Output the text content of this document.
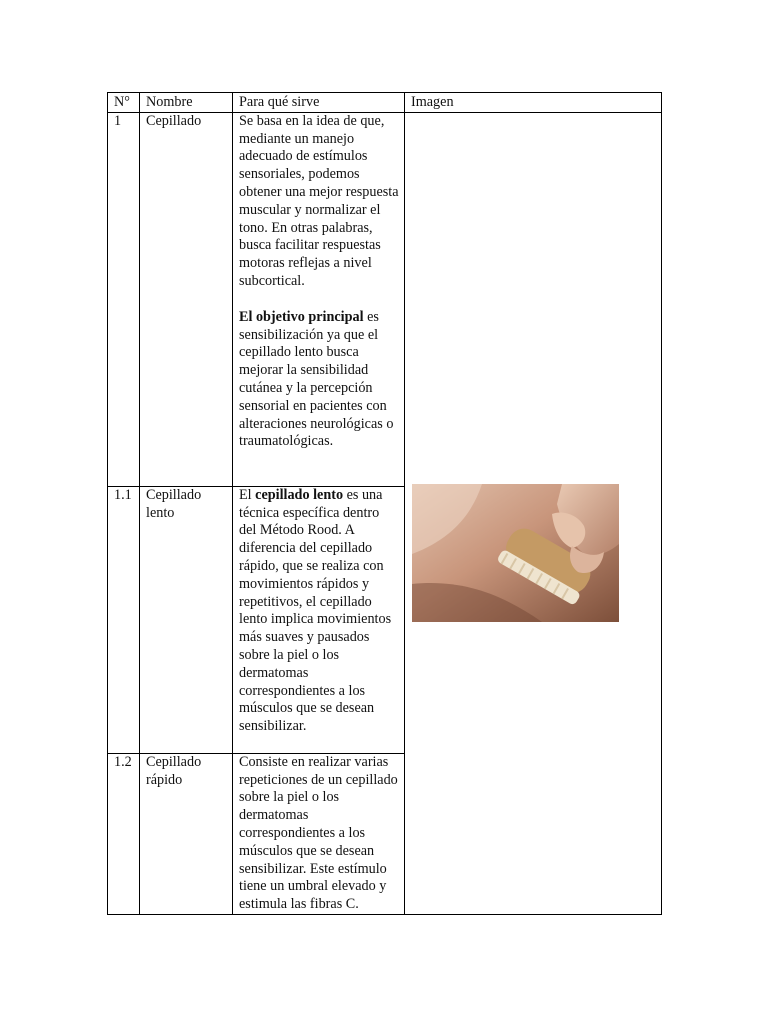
N°	Nombre	Para qué sirve	Imagen
1	Cepillado	Se basa en la idea de que, mediante un manejo adecuado de estímulos sensoriales, podemos obtener una mejor respuesta muscular y normalizar el tono. En otras palabras, busca facilitar respuestas motoras reflejas a nivel subcortical.
El objetivo principal es sensibilización ya que el cepillado lento busca mejorar la sensibilidad cutánea y la percepción sensorial en pacientes con alteraciones neurológicas o traumatológicas.

1.1	Cepillado lento	El cepillado lento es una técnica específica dentro del Método Rood. A diferencia del cepillado rápido, que se realiza con movimientos rápidos y repetitivos, el cepillado lento implica movimientos más suaves y pausados sobre la piel o los dermatomas correspondientes a los músculos que se desean sensibilizar.	
1.2	Cepillado rápido	Consiste en realizar varias repeticiones de un cepillado sobre la piel o los dermatomas correspondientes a los músculos que se desean sensibilizar. Este estímulo tiene un umbral elevado y estimula las fibras C.	
